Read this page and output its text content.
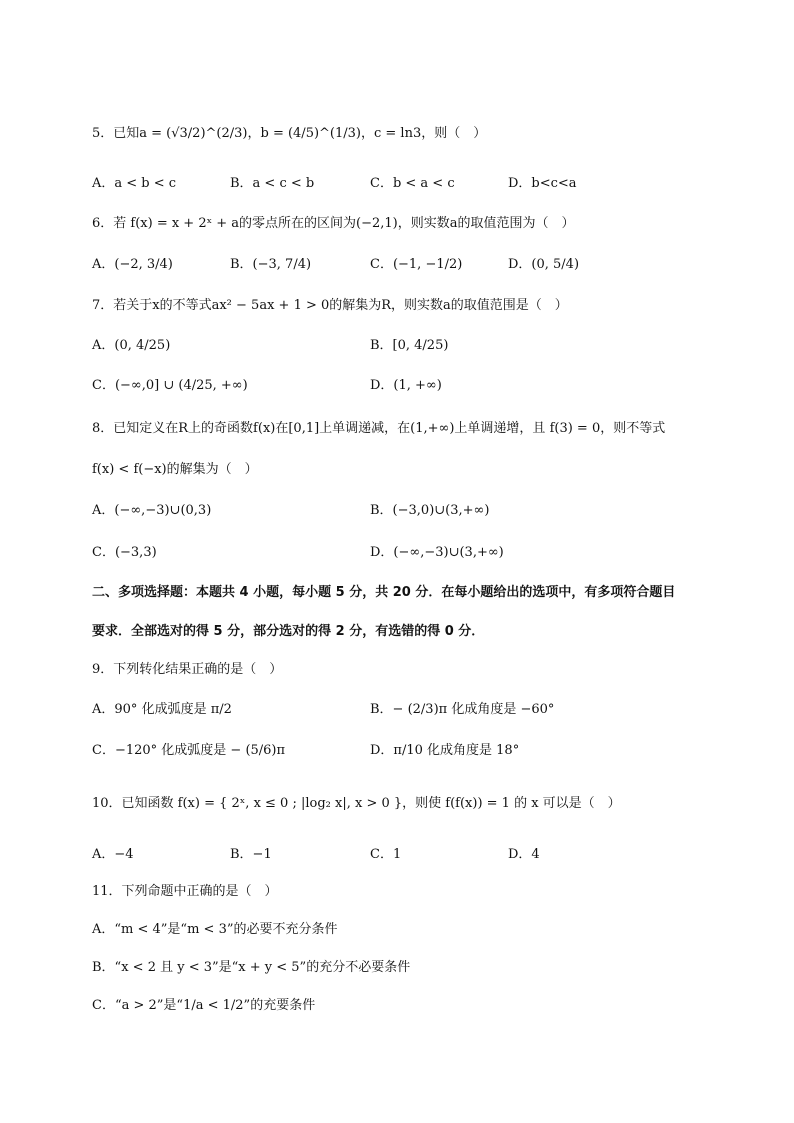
5．已知a = (√3/2)^(2/3)，b = (4/5)^(1/3)，c = ln3，则（　）
A．a < b < c	B．a < c < b	C．b < a < c	D．b<c<a
6．若 f(x) = x + 2ˣ + a的零点所在的区间为(−2,1)，则实数a的取值范围为（　）
A．(−2, 3/4)	B．(−3, 7/4)	C．(−1, −1/2)	D．(0, 5/4)
7．若关于x的不等式ax² − 5ax + 1 > 0的解集为R，则实数a的取值范围是（　）
A．(0, 4/25)	B．[0, 4/25)
C．(−∞,0] ∪ (4/25, +∞)	D．(1, +∞)
8．已知定义在R上的奇函数f(x)在[0,1]上单调递减，在(1,+∞)上单调递增，且 f(3) = 0，则不等式
f(x) < f(−x)的解集为（　）
A．(−∞,−3)∪(0,3)	B．(−3,0)∪(3,+∞)
C．(−3,3)	D．(−∞,−3)∪(3,+∞)
二、多项选择题：本题共 4 小题，每小题 5 分，共 20 分．在每小题给出的选项中，有多项符合题目
要求．全部选对的得 5 分，部分选对的得 2 分，有选错的得 0 分．
9．下列转化结果正确的是（　）
A．90° 化成弧度是 π/2	B．− (2/3)π 化成角度是 −60°
C．−120° 化成弧度是 − (5/6)π	D．π/10 化成角度是 18°
10．已知函数 f(x) = { 2ˣ, x ≤ 0 ; |log₂ x|, x > 0 }，则使 f(f(x)) = 1 的 x 可以是（　）
A．−4	B．−1	C．1	D．4
11．下列命题中正确的是（　）
A．“m < 4”是“m < 3”的必要不充分条件
B．“x < 2 且 y < 3”是“x + y < 5”的充分不必要条件
C．“a > 2”是“1/a < 1/2”的充要条件
